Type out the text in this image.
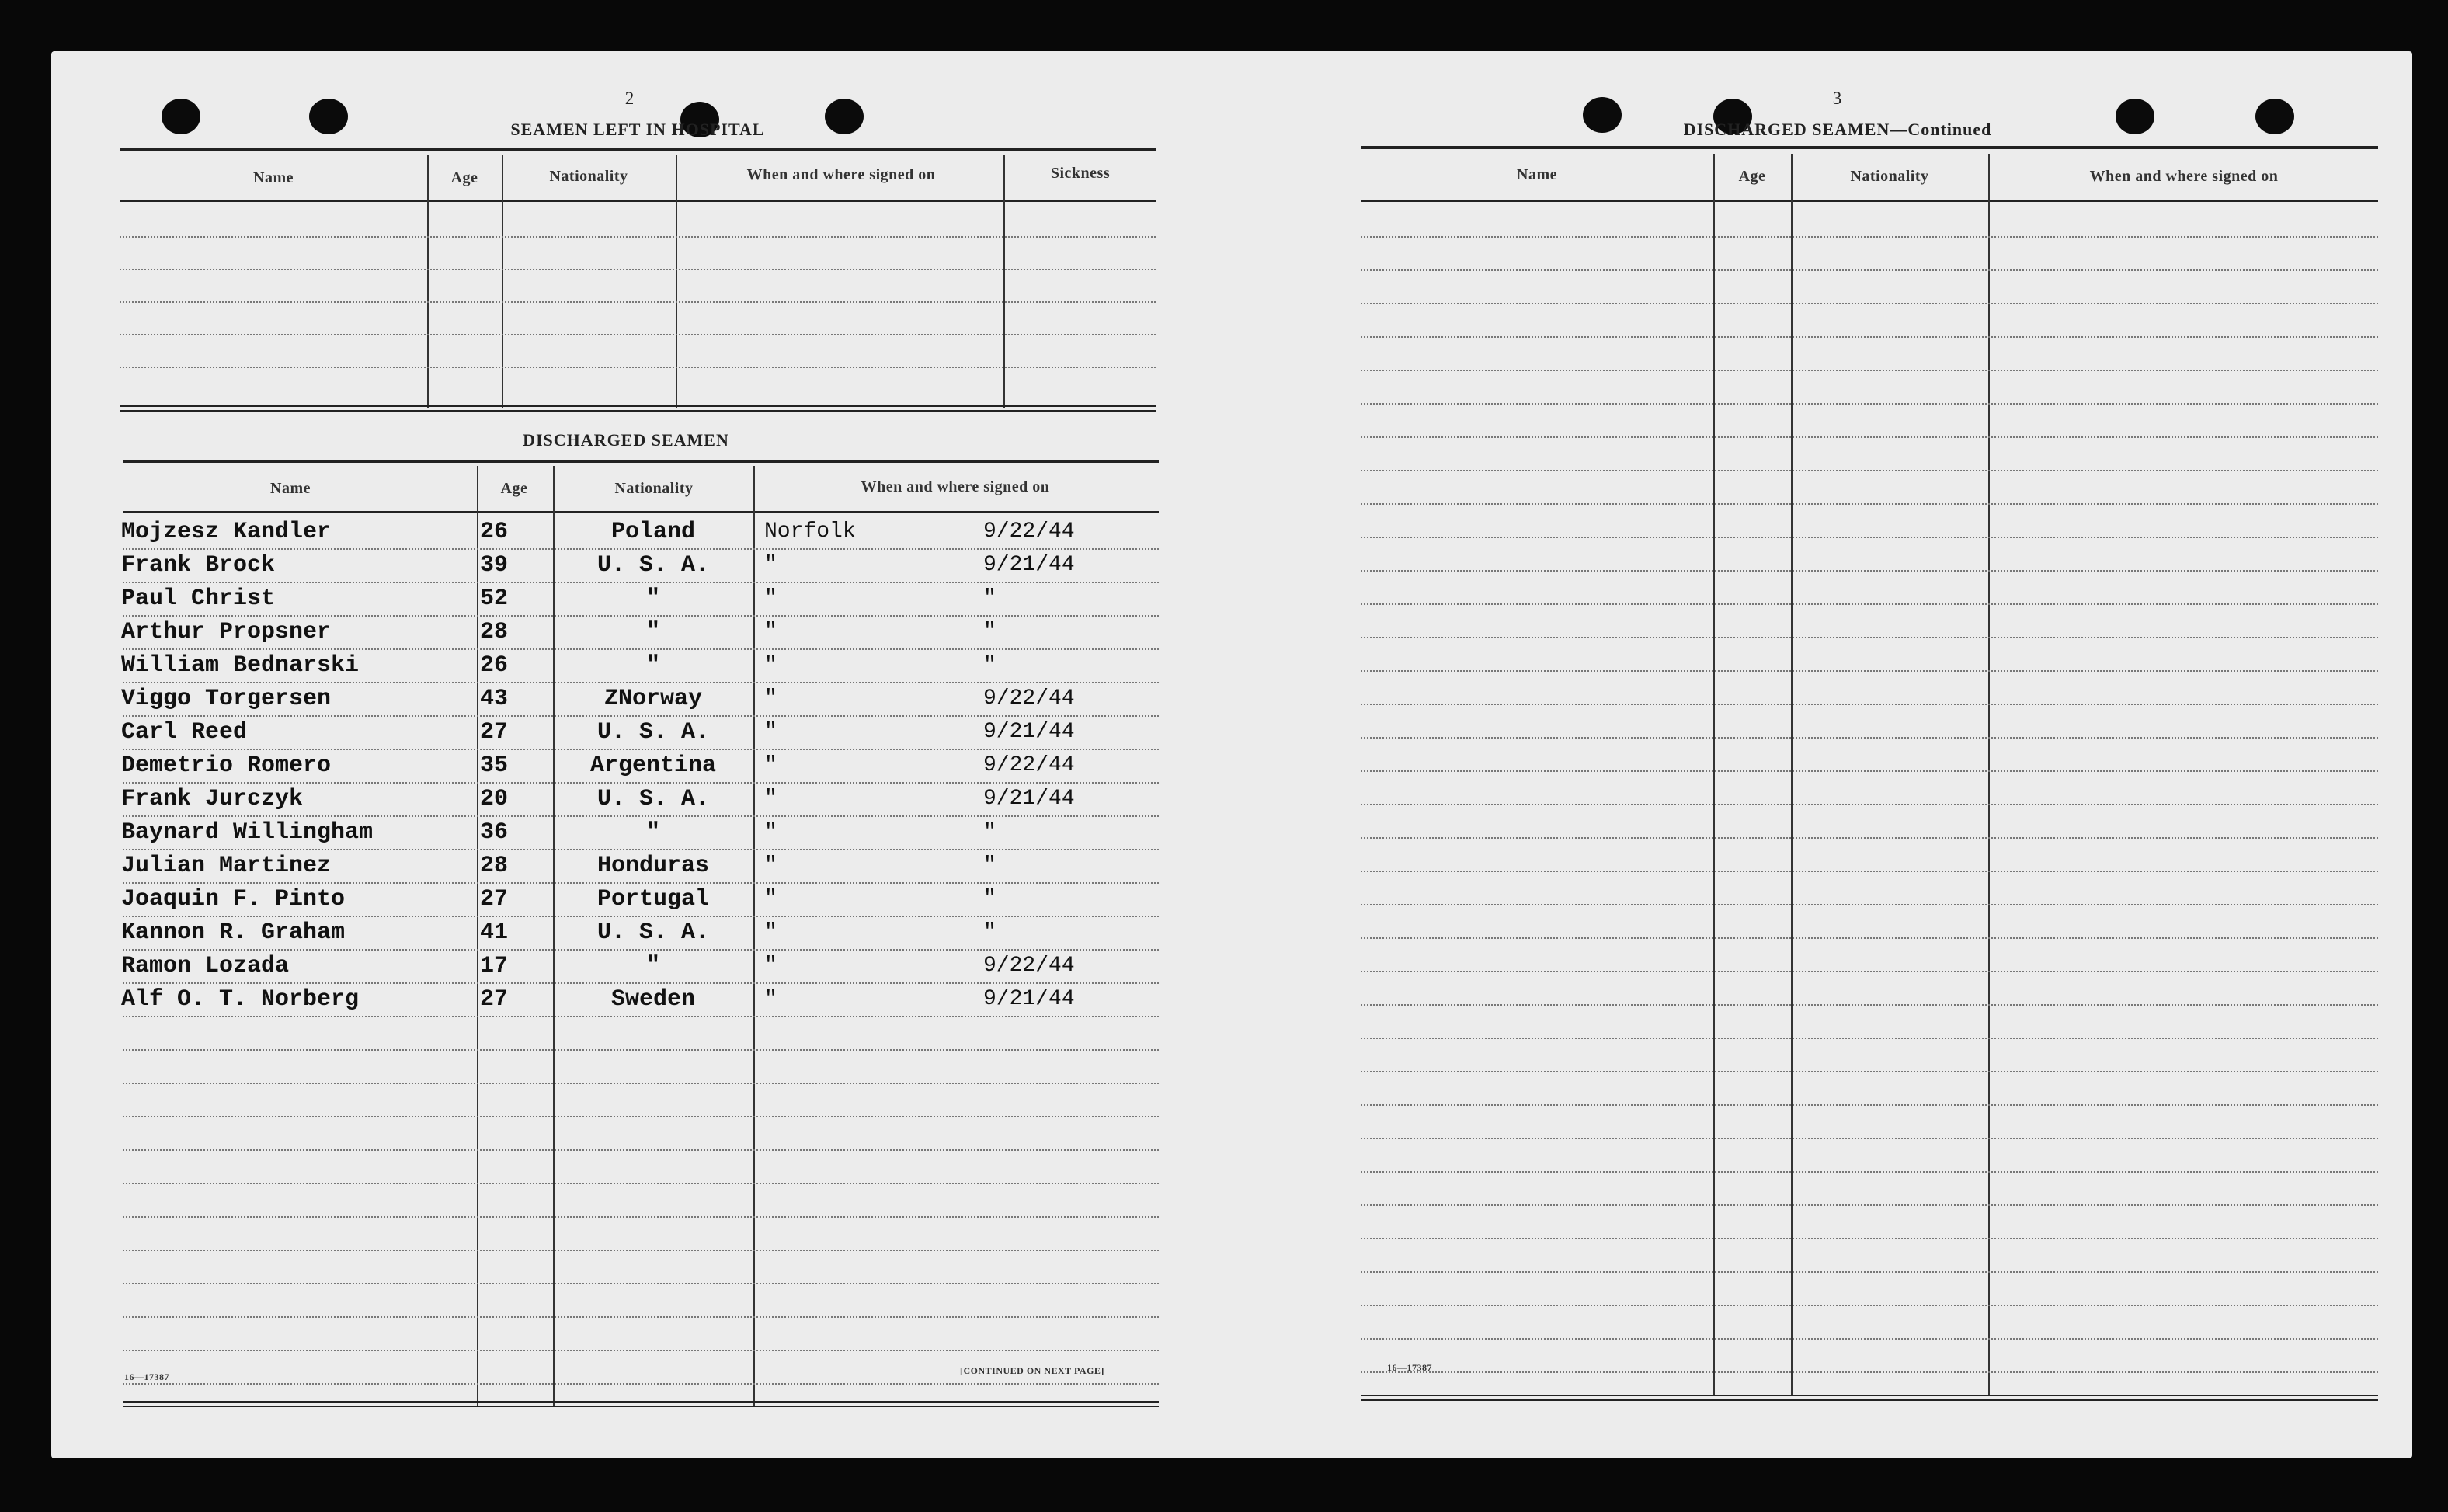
2
SEAMEN LEFT IN HOSPITAL
Name	Age	Nationality	When and where signed on	Sickness
DISCHARGED SEAMEN
Name	Age	Nationality	When and where signed on
Mojzesz Kandler	26	Poland	Norfolk	9/22/44
Frank Brock	39	U. S. A.	"	9/21/44
Paul Christ	52	"	"	"
Arthur Propsner	28	"	"	"
William Bednarski	26	"	"	"
Viggo Torgersen	43	ZNorway	"	9/22/44
Carl Reed	27	U. S. A.	"	9/21/44
Demetrio Romero	35	Argentina	"	9/22/44
Frank Jurczyk	20	U. S. A.	"	9/21/44
Baynard Willingham	36	"	"	"
Julian Martinez	28	Honduras	"	"
Joaquin F. Pinto	27	Portugal	"	"
Kannon R. Graham	41	U. S. A.	"	"
Ramon Lozada	17	"	"	9/22/44
Alf O. T. Norberg	27	Sweden	"	9/21/44
16—17387
[CONTINUED ON NEXT PAGE]
3
DISCHARGED SEAMEN—Continued
Name	Age	Nationality	When and where signed on
16—17387
